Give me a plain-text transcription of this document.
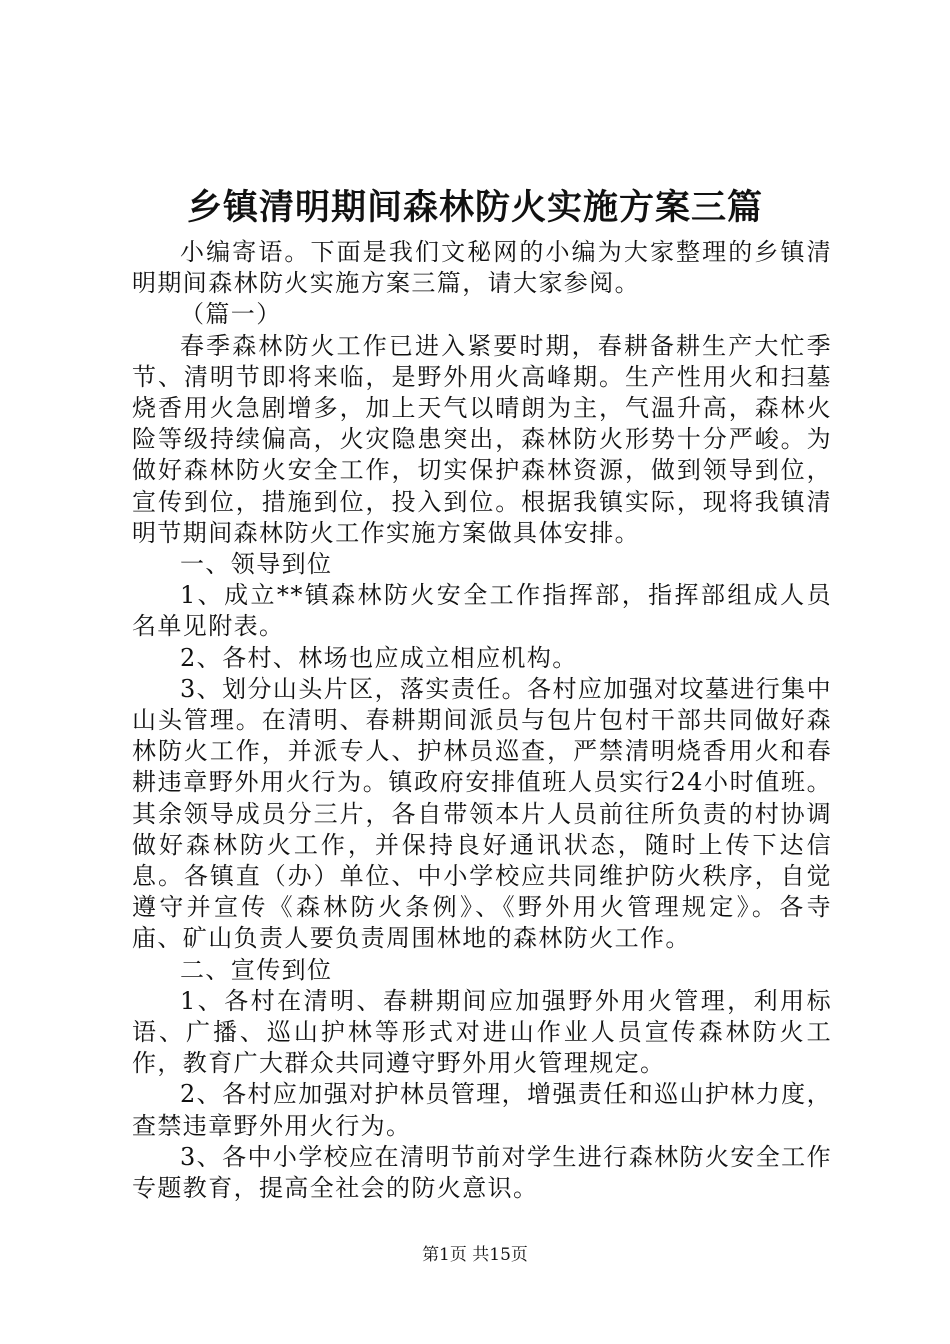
乡镇清明期间森林防火实施方案三篇

小编寄语。下面是我们文秘网的小编为大家整理的乡镇清明期间森林防火实施方案三篇，请大家参阅。

（篇一）

春季森林防火工作已进入紧要时期，春耕备耕生产大忙季节、清明节即将来临，是野外用火高峰期。生产性用火和扫墓烧香用火急剧增多，加上天气以晴朗为主，气温升高，森林火险等级持续偏高，火灾隐患突出，森林防火形势十分严峻。为做好森林防火安全工作，切实保护森林资源，做到领导到位，宣传到位，措施到位，投入到位。根据我镇实际，现将我镇清明节期间森林防火工作实施方案做具体安排。

一、领导到位

1、成立**镇森林防火安全工作指挥部，指挥部组成人员名单见附表。

2、各村、林场也应成立相应机构。

3、划分山头片区，落实责任。各村应加强对坟墓进行集中山头管理。在清明、春耕期间派员与包片包村干部共同做好森林防火工作，并派专人、护林员巡查，严禁清明烧香用火和春耕违章野外用火行为。镇政府安排值班人员实行24小时值班。其余领导成员分三片，各自带领本片人员前往所负责的村协调做好森林防火工作，并保持良好通讯状态，随时上传下达信息。各镇直（办）单位、中小学校应共同维护防火秩序，自觉遵守并宣传《森林防火条例》、《野外用火管理规定》。各寺庙、矿山负责人要负责周围林地的森林防火工作。

二、宣传到位

1、各村在清明、春耕期间应加强野外用火管理，利用标语、广播、巡山护林等形式对进山作业人员宣传森林防火工作，教育广大群众共同遵守野外用火管理规定。

2、各村应加强对护林员管理，增强责任和巡山护林力度，查禁违章野外用火行为。

3、各中小学校应在清明节前对学生进行森林防火安全工作专题教育，提高全社会的防火意识。

第1页 共15页
